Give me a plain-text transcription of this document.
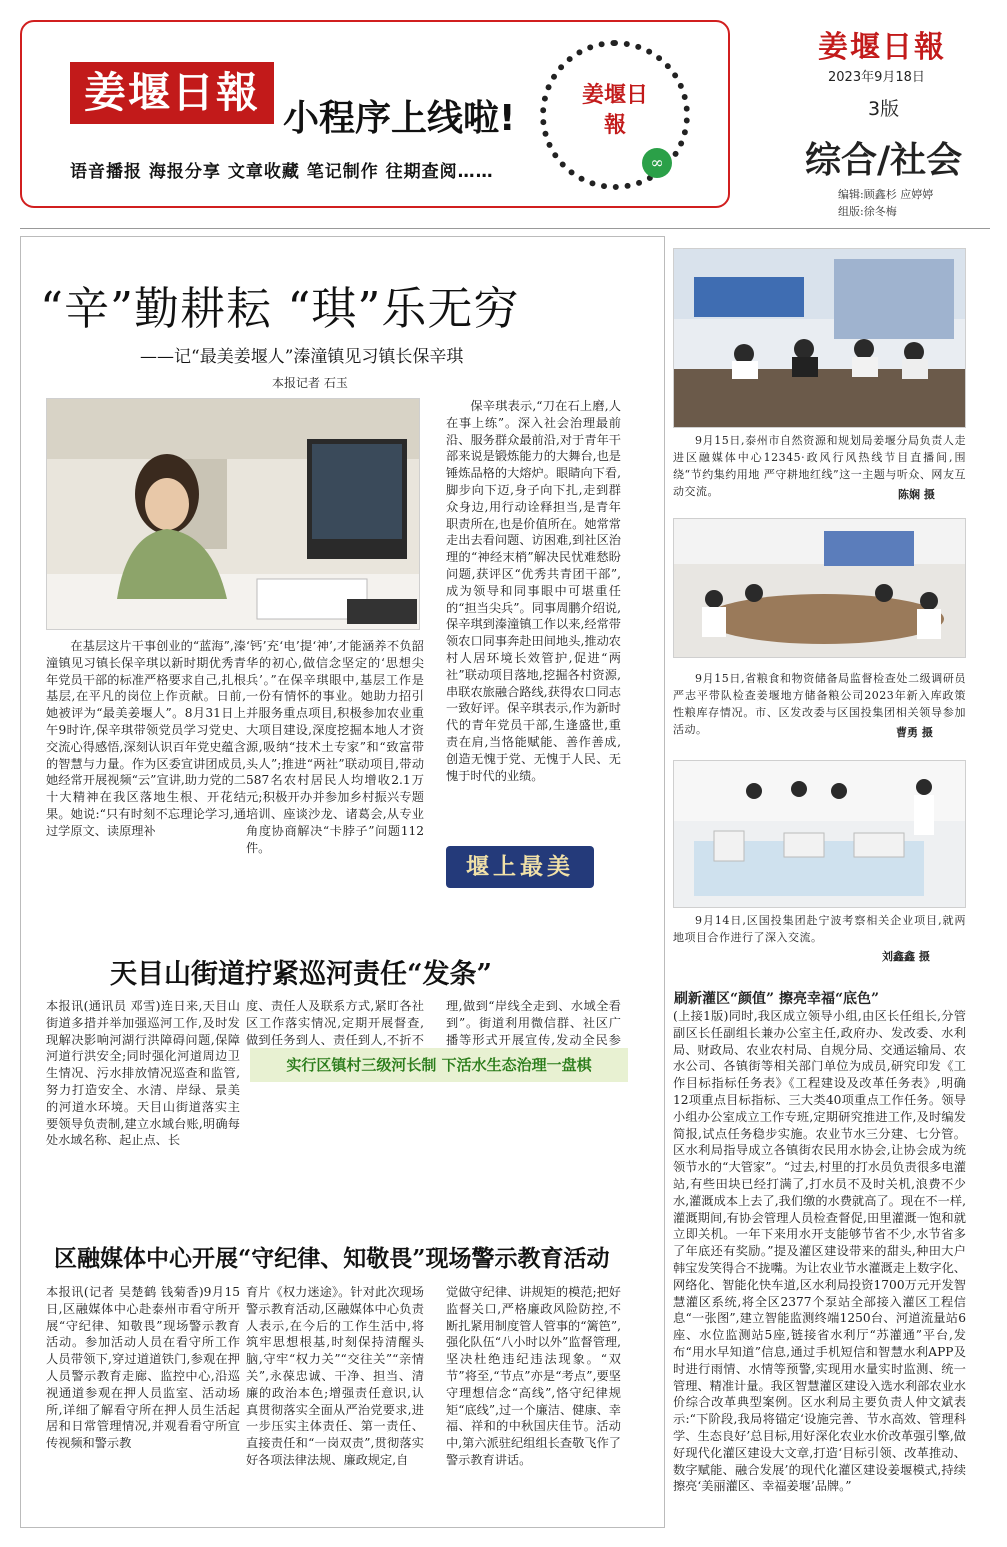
姜堰日報
小程序上线啦!
语音播报 海报分享 文章收藏 笔记制作 往期查阅……
姜堰日報
∞
姜堰日報
2023年9月18日
3版
综合/社会
编辑:顾鑫杉 应婷婷
组版:徐冬梅
“辛”勤耕耘 “琪”乐无穷
——记“最美姜堰人”溱潼镇见习镇长保辛琪
本报记者 石玉
在基层这片干事创业的“蓝海”,溱潼镇见习镇长保辛琪以新时期优秀青年党员干部的标准严格要求自己,扎根基层,在平凡的岗位上作贡献。日前,她被评为“最美姜堰人”。8月31日上午9时许,保辛琪带领党员学习党史、交流心得感悟,深刻认识百年党史蕴含的智慧与力量。作为区委宣讲团成员,她经常开展视频“云”宣讲,助力党的二十大精神在我区落地生根、开花结果。她说:“只有时刻不忘理论学习,通过学原文、读原理补
‘钙’充‘电’提‘神’,才能涵养不负韶华的初心,做信念坚定的‘思想尖兵’。”在保辛琪眼中,基层工作是一份有情怀的事业。她助力招引并服务重点项目,积极参加农业重大项目建设,深度挖掘本地人才资源,吸纳“技术土专家”和“致富带头人”;推进“两社”联动项目,带动587名农村居民人均增收2.1万元;积极开办并参加乡村振兴专题培训、座谈沙龙、诸葛会,从专业角度协商解决“卡脖子”问题112件。
保辛琪表示,“刀在石上磨,人在事上练”。深入社会治理最前沿、服务群众最前沿,对于青年干部来说是锻炼能力的大舞台,也是锤炼品格的大熔炉。眼睛向下看,脚步向下迈,身子向下扎,走到群众身边,用行动诠释担当,是青年职责所在,也是价值所在。她常常走出去看问题、访困难,到社区治理的“神经末梢”解决民忧难愁盼问题,获评区“优秀共青团干部”,成为领导和同事眼中可堪重任的“担当尖兵”。同事周鹏介绍说,保辛琪到溱潼镇工作以来,经常带领农口同事奔赴田间地头,推动农村人居环境长效管护,促进“两社”联动项目落地,挖掘各村资源,串联农旅融合路线,获得农口同志一致好评。保辛琪表示,作为新时代的青年党员干部,生逢盛世,重责在肩,当恪能赋能、善作善成,创造无愧于党、无愧于人民、无愧于时代的业绩。
堰上最美
天目山街道拧紧巡河责任“发条”
本报讯(通讯员 邓雪)连日来,天目山街道多措并举加强巡河工作,及时发现解决影响河湖行洪障碍问题,保障河道行洪安全;同时强化河道周边卫生情况、污水排放情况巡查和监管,努力打造安全、水清、岸绿、景美的河道水环境。天目山街道落实主要领导负责制,建立水域台账,明确每处水域名称、起止点、长
度、责任人及联系方式,紧盯各社区工作落实情况,定期开展督查,做到任务到人、责任到人,不折不
理,做到“岸线全走到、水域全看到”。街道利用微信群、社区广播等形式开展宣传,发动全民参
实行区镇村三级河长制 下活水生态治理一盘棋
区融媒体中心开展“守纪律、知敬畏”现场警示教育活动
本报讯(记者 吴楚鹤 钱菊香)9月15日,区融媒体中心赴泰州市看守所开展“守纪律、知敬畏”现场警示教育活动。参加活动人员在看守所工作人员带领下,穿过道道铁门,参观在押人员警示教育走廊、监控中心,沿巡视通道参观在押人员监室、活动场所,详细了解看守所在押人员生活起居和日常管理情况,并观看看守所宣传视频和警示教
育片《权力迷途》。针对此次现场警示教育活动,区融媒体中心负责人表示,在今后的工作生活中,将筑牢思想根基,时刻保持清醒头脑,守牢“权力关”“交往关”“亲情关”,永葆忠诚、干净、担当、清廉的政治本色;增强责任意识,认真贯彻落实全面从严治党要求,进一步压实主体责任、第一责任、直接责任和“一岗双责”,贯彻落实好各项法律法规、廉政规定,自
觉做守纪律、讲规矩的模范;把好监督关口,严格廉政风险防控,不断扎紧用制度管人管事的“篱笆”,强化队伍“八小时以外”监督管理,坚决杜绝违纪违法现象。“双节”将至,“节点”亦是“考点”,要坚守理想信念“高线”,恪守纪律规矩“底线”,过一个廉洁、健康、幸福、祥和的中秋国庆佳节。活动中,第六派驻纪组组长查敬飞作了警示教育讲话。
9月15日,泰州市自然资源和规划局姜堰分局负责人走进区融媒体中心12345·政风行风热线节目直播间,围绕“节约集约用地 严守耕地红线”这一主题与听众、网友互动交流。	陈娴 摄
9月15日,省粮食和物资储备局监督检查处二级调研员严志平带队检查姜堰地方储备粮公司2023年新入库政策性粮库存情况。市、区发改委与区国投集团相关领导参加活动。	曹勇 摄
9月14日,区国投集团赴宁波考察相关企业项目,就两地项目合作进行了深入交流。
刘鑫鑫 摄
刷新灌区“颜值” 擦亮幸福“底色”
(上接1版)同时,我区成立领导小组,由区长任组长,分管副区长任副组长兼办公室主任,政府办、发改委、水利局、财政局、农业农村局、自规分局、交通运输局、农水公司、各镇街等相关部门单位为成员,研究印发《工作目标指标任务表》《工程建设及改革任务表》,明确12项重点目标指标、三大类40项重点工作任务。领导小组办公室成立工作专班,定期研究推进工作,及时编发简报,试点任务稳步实施。农业节水三分建、七分管。区水利局指导成立各镇街农民用水协会,让协会成为统领节水的“大管家”。“过去,村里的打水员负责很多电灌站,有些田块已经打满了,打水员不及时关机,浪费不少水,灌溉成本上去了,我们缴的水费就高了。现在不一样,灌溉期间,有协会管理人员检查督促,田里灌溉一饱和就立即关机。一年下来用水开支能够节省不少,水节省多了年底还有奖励。”提及灌区建设带来的甜头,种田大户韩宝发笑得合不拢嘴。为让农业节水灌溉走上数字化、网络化、智能化快车道,区水利局投资1700万元开发智慧灌区系统,将全区2377个泵站全部接入灌区工程信息“一张图”,建立智能监测终端1250台、河道流量站6座、水位监测站5座,链接省水利厅“苏灌通”平台,发布“用水早知道”信息,通过手机短信和智慧水利APP及时进行雨情、水情等预警,实现用水量实时监测、统一管理、精准计量。我区智慧灌区建设入选水利部农业水价综合改革典型案例。区水利局主要负责人仲文斌表示:“下阶段,我局将锚定‘设施完善、节水高效、管理科学、生态良好’总目标,用好深化农业水价改革强引擎,做好现代化灌区建设大文章,打造‘目标引领、改革推动、数字赋能、融合发展’的现代化灌区建设姜堰模式,持续擦亮‘美丽灌区、幸福姜堰’品牌。”
